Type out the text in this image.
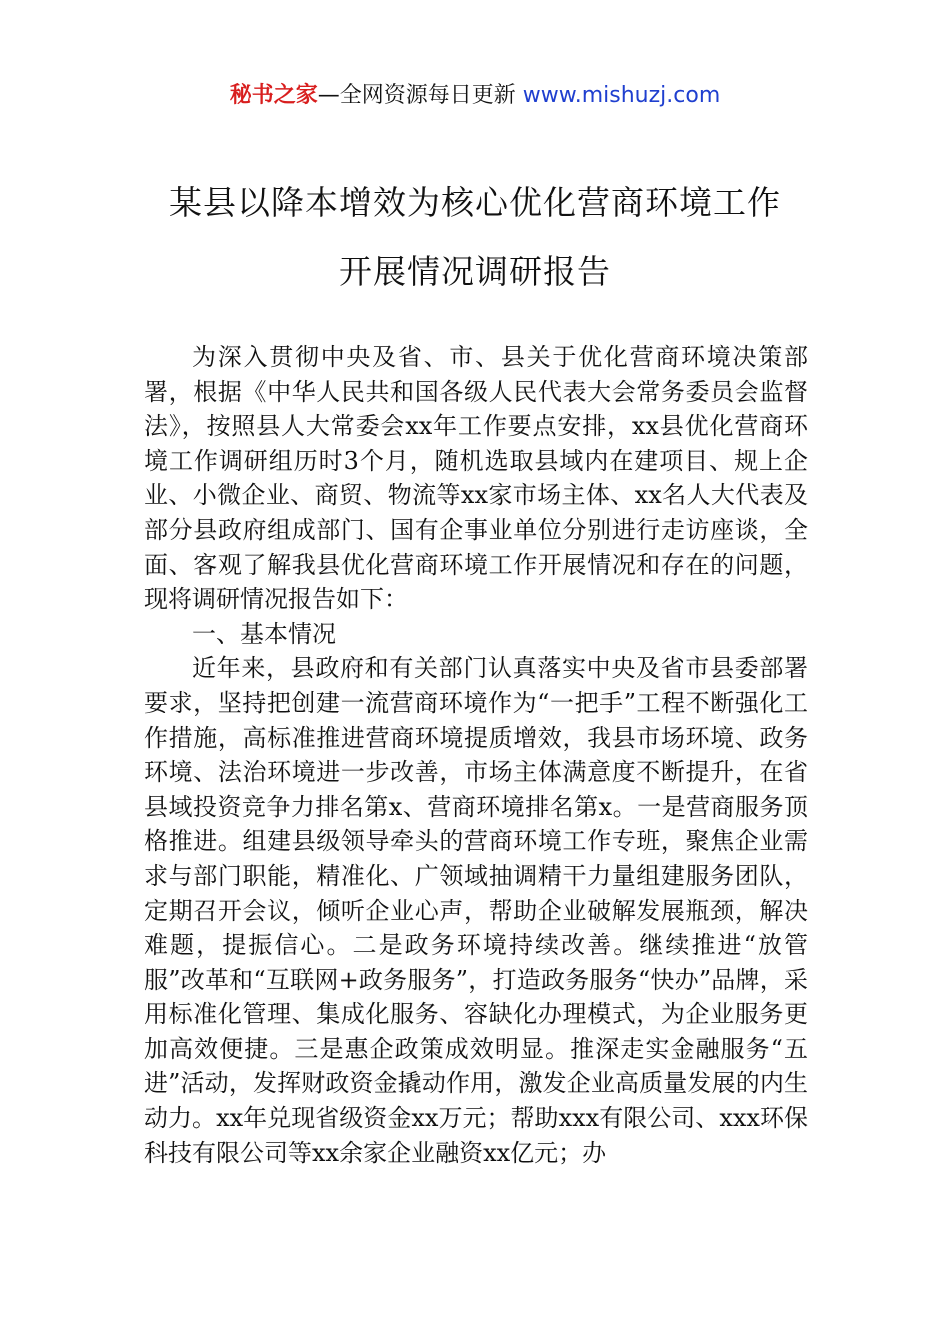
秘书之家—全网资源每日更新 www.mishuzj.com
某县以降本增效为核心优化营商环境工作
开展情况调研报告

为深入贯彻中央及省、市、县关于优化营商环境决策部署，根据《中华人民共和国各级人民代表大会常务委员会监督法》，按照县人大常委会xx年工作要点安排，xx县优化营商环境工作调研组历时3个月，随机选取县域内在建项目、规上企业、小微企业、商贸、物流等xx家市场主体、xx名人大代表及部分县政府组成部门、国有企事业单位分别进行走访座谈，全面、客观了解我县优化营商环境工作开展情况和存在的问题，现将调研情况报告如下：

一、基本情况

近年来，县政府和有关部门认真落实中央及省市县委部署要求，坚持把创建一流营商环境作为“一把手”工程不断强化工作措施，高标准推进营商环境提质增效，我县市场环境、政务环境、法治环境进一步改善，市场主体满意度不断提升，在省县域投资竞争力排名第x、营商环境排名第x。一是营商服务顶格推进。组建县级领导牵头的营商环境工作专班，聚焦企业需求与部门职能，精准化、广领域抽调精干力量组建服务团队，定期召开会议，倾听企业心声，帮助企业破解发展瓶颈，解决难题，提振信心。二是政务环境持续改善。继续推进“放管服”改革和“互联网+政务服务”，打造政务服务“快办”品牌，采用标准化管理、集成化服务、容缺化办理模式，为企业服务更加高效便捷。三是惠企政策成效明显。推深走实金融服务“五进”活动，发挥财政资金撬动作用，激发企业高质量发展的内生动力。xx年兑现省级资金xx万元；帮助xxx有限公司、xxx环保科技有限公司等xx余家企业融资xx亿元；办
